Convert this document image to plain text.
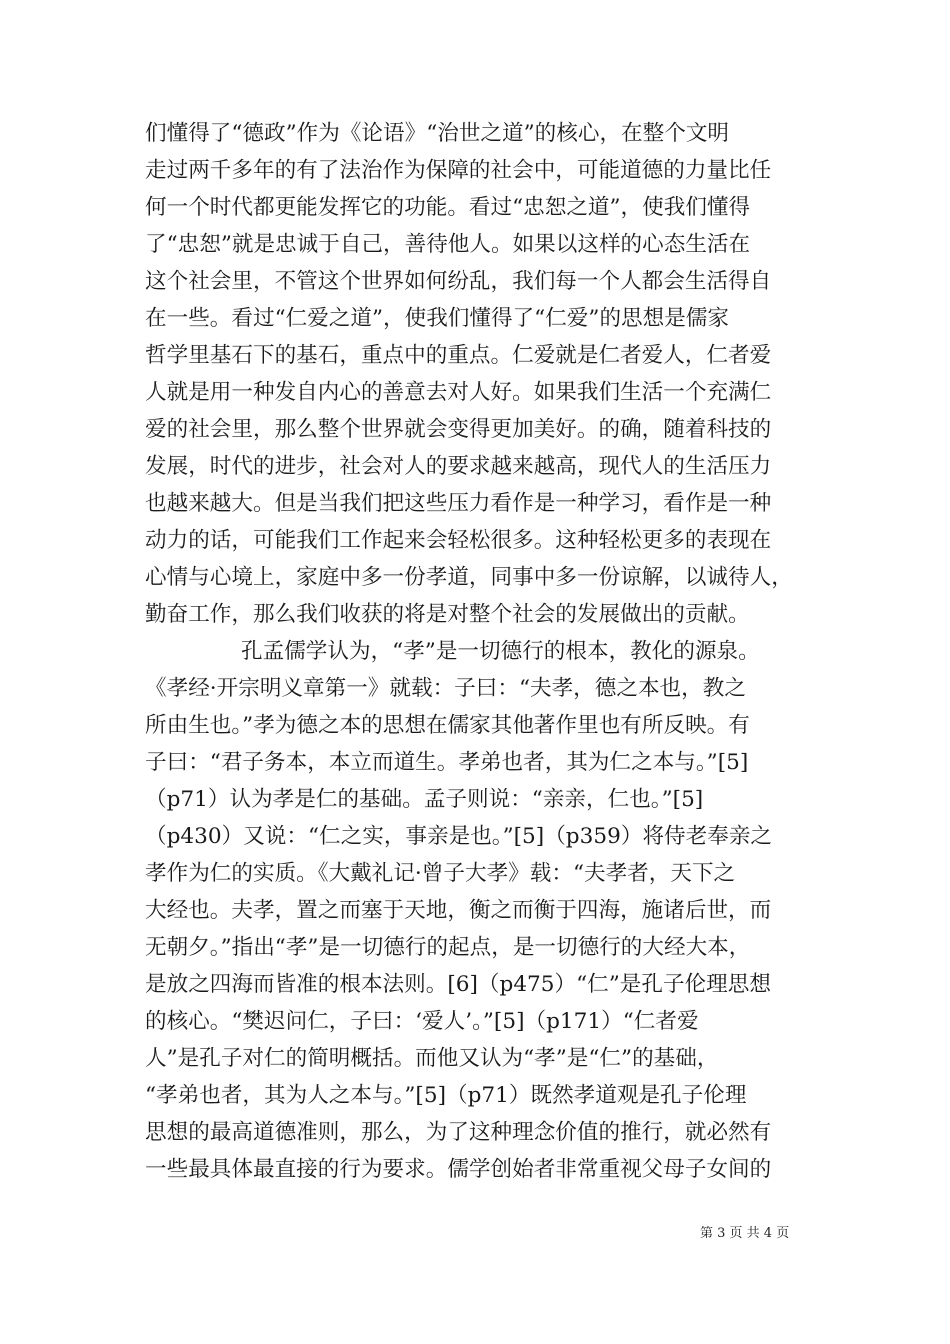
们懂得了“德政”作为《论语》“治世之道”的核心，在整个文明
走过两千多年的有了法治作为保障的社会中，可能道德的力量比任
何一个时代都更能发挥它的功能。看过“忠恕之道”，使我们懂得
了“忠恕”就是忠诚于自己，善待他人。如果以这样的心态生活在
这个社会里，不管这个世界如何纷乱，我们每一个人都会生活得自
在一些。看过“仁爱之道”，使我们懂得了“仁爱”的思想是儒家
哲学里基石下的基石，重点中的重点。仁爱就是仁者爱人，仁者爱
人就是用一种发自内心的善意去对人好。如果我们生活一个充满仁
爱的社会里，那么整个世界就会变得更加美好。的确，随着科技的
发展，时代的进步，社会对人的要求越来越高，现代人的生活压力
也越来越大。但是当我们把这些压力看作是一种学习，看作是一种
动力的话，可能我们工作起来会轻松很多。这种轻松更多的表现在
心情与心境上，家庭中多一份孝道，同事中多一份谅解，以诚待人，
勤奋工作，那么我们收获的将是对整个社会的发展做出的贡献。
孔孟儒学认为，“孝”是一切德行的根本，教化的源泉。
《孝经·开宗明义章第一》就载：子曰：“夫孝，德之本也，教之
所由生也。”孝为德之本的思想在儒家其他著作里也有所反映。有
子曰：“君子务本，本立而道生。孝弟也者，其为仁之本与。”[5]
（p71）认为孝是仁的基础。孟子则说：“亲亲，仁也。”[5]
（p430）又说：“仁之实，事亲是也。”[5]（p359）将侍老奉亲之
孝作为仁的实质。《大戴礼记·曾子大孝》载：“夫孝者，天下之
大经也。夫孝，置之而塞于天地，衡之而衡于四海，施诸后世，而
无朝夕。”指出“孝”是一切德行的起点，是一切德行的大经大本，
是放之四海而皆准的根本法则。[6]（p475）“仁”是孔子伦理思想
的核心。“樊迟问仁，子曰：‘爱人’。”[5]（p171）“仁者爱
人”是孔子对仁的简明概括。而他又认为“孝”是“仁”的基础，
“孝弟也者，其为人之本与。”[5]（p71）既然孝道观是孔子伦理
思想的最高道德准则，那么，为了这种理念价值的推行，就必然有
一些最具体最直接的行为要求。儒学创始者非常重视父母子女间的
第 3 页 共 4 页
